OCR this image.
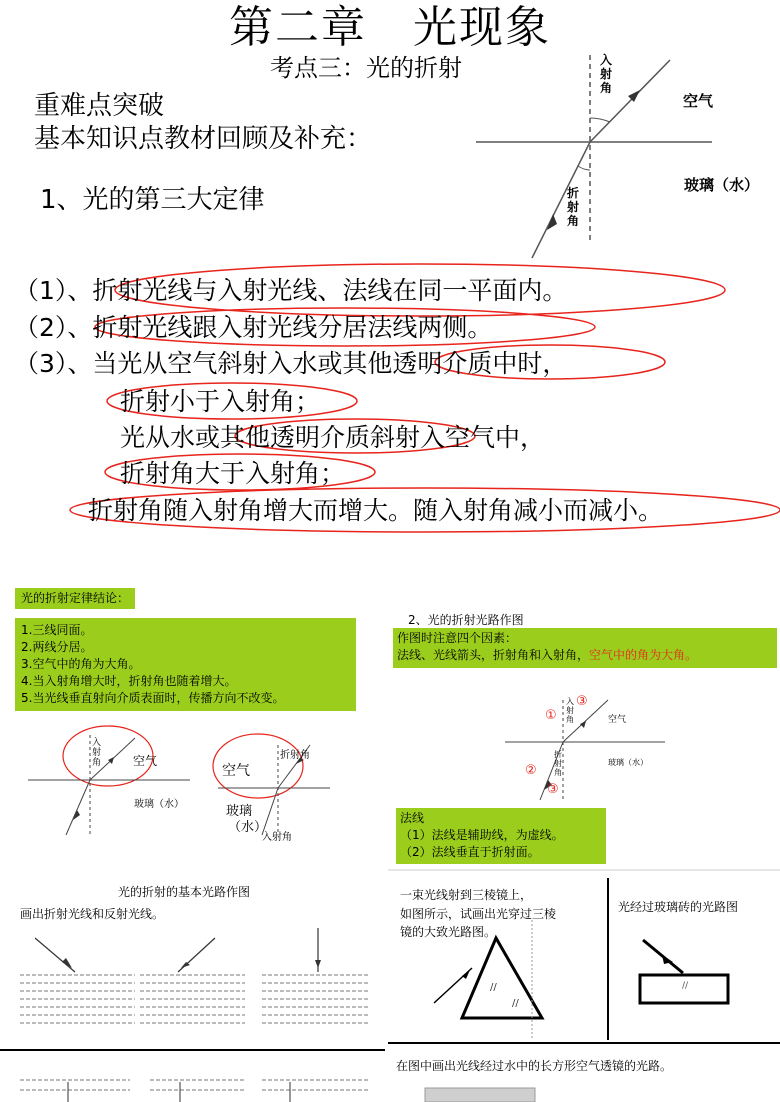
//
//
//
第二章　光现象
考点三：光的折射
重难点突破
基本知识点教材回顾及补充：
入射角
折射角
空气
玻璃（水）
1、光的第三大定律
（1）、折射光线与入射光线、法线在同一平面内。
（2）、折射光线跟入射光线分居法线两侧。
（3）、当光从空气斜射入水或其他透明介质中时，
折射小于入射角；
光从水或其他透明介质斜射入空气中，
折射角大于入射角；
折射角随入射角增大而增大。随入射角减小而减小。
光的折射定律结论：
1.三线同面。
2.两线分居。
3.空气中的角为大角。
4.当入射角增大时，折射角也随着增大。
5.当光线垂直射向介质表面时，传播方向不改变。
入射角	空气
玻璃（水）
折射角
空气
玻璃
（水）
入射角
2、光的折射光路作图
作图时注意四个因素：
法线、光线箭头，折射角和入射角，空气中的角为大角。
入射角
③
①	空气
玻璃（水）
折射角
②
③
法线
（1）法线是辅助线，为虚线。
（2）法线垂直于折射面。
光的折射的基本光路作图
画出折射光线和反射光线。
一束光线射到三棱镜上，
如图所示，试画出光穿过三棱
镜的大致光路图。
光经过玻璃砖的光路图
在图中画出光线经过水中的长方形空气透镜的光路。
